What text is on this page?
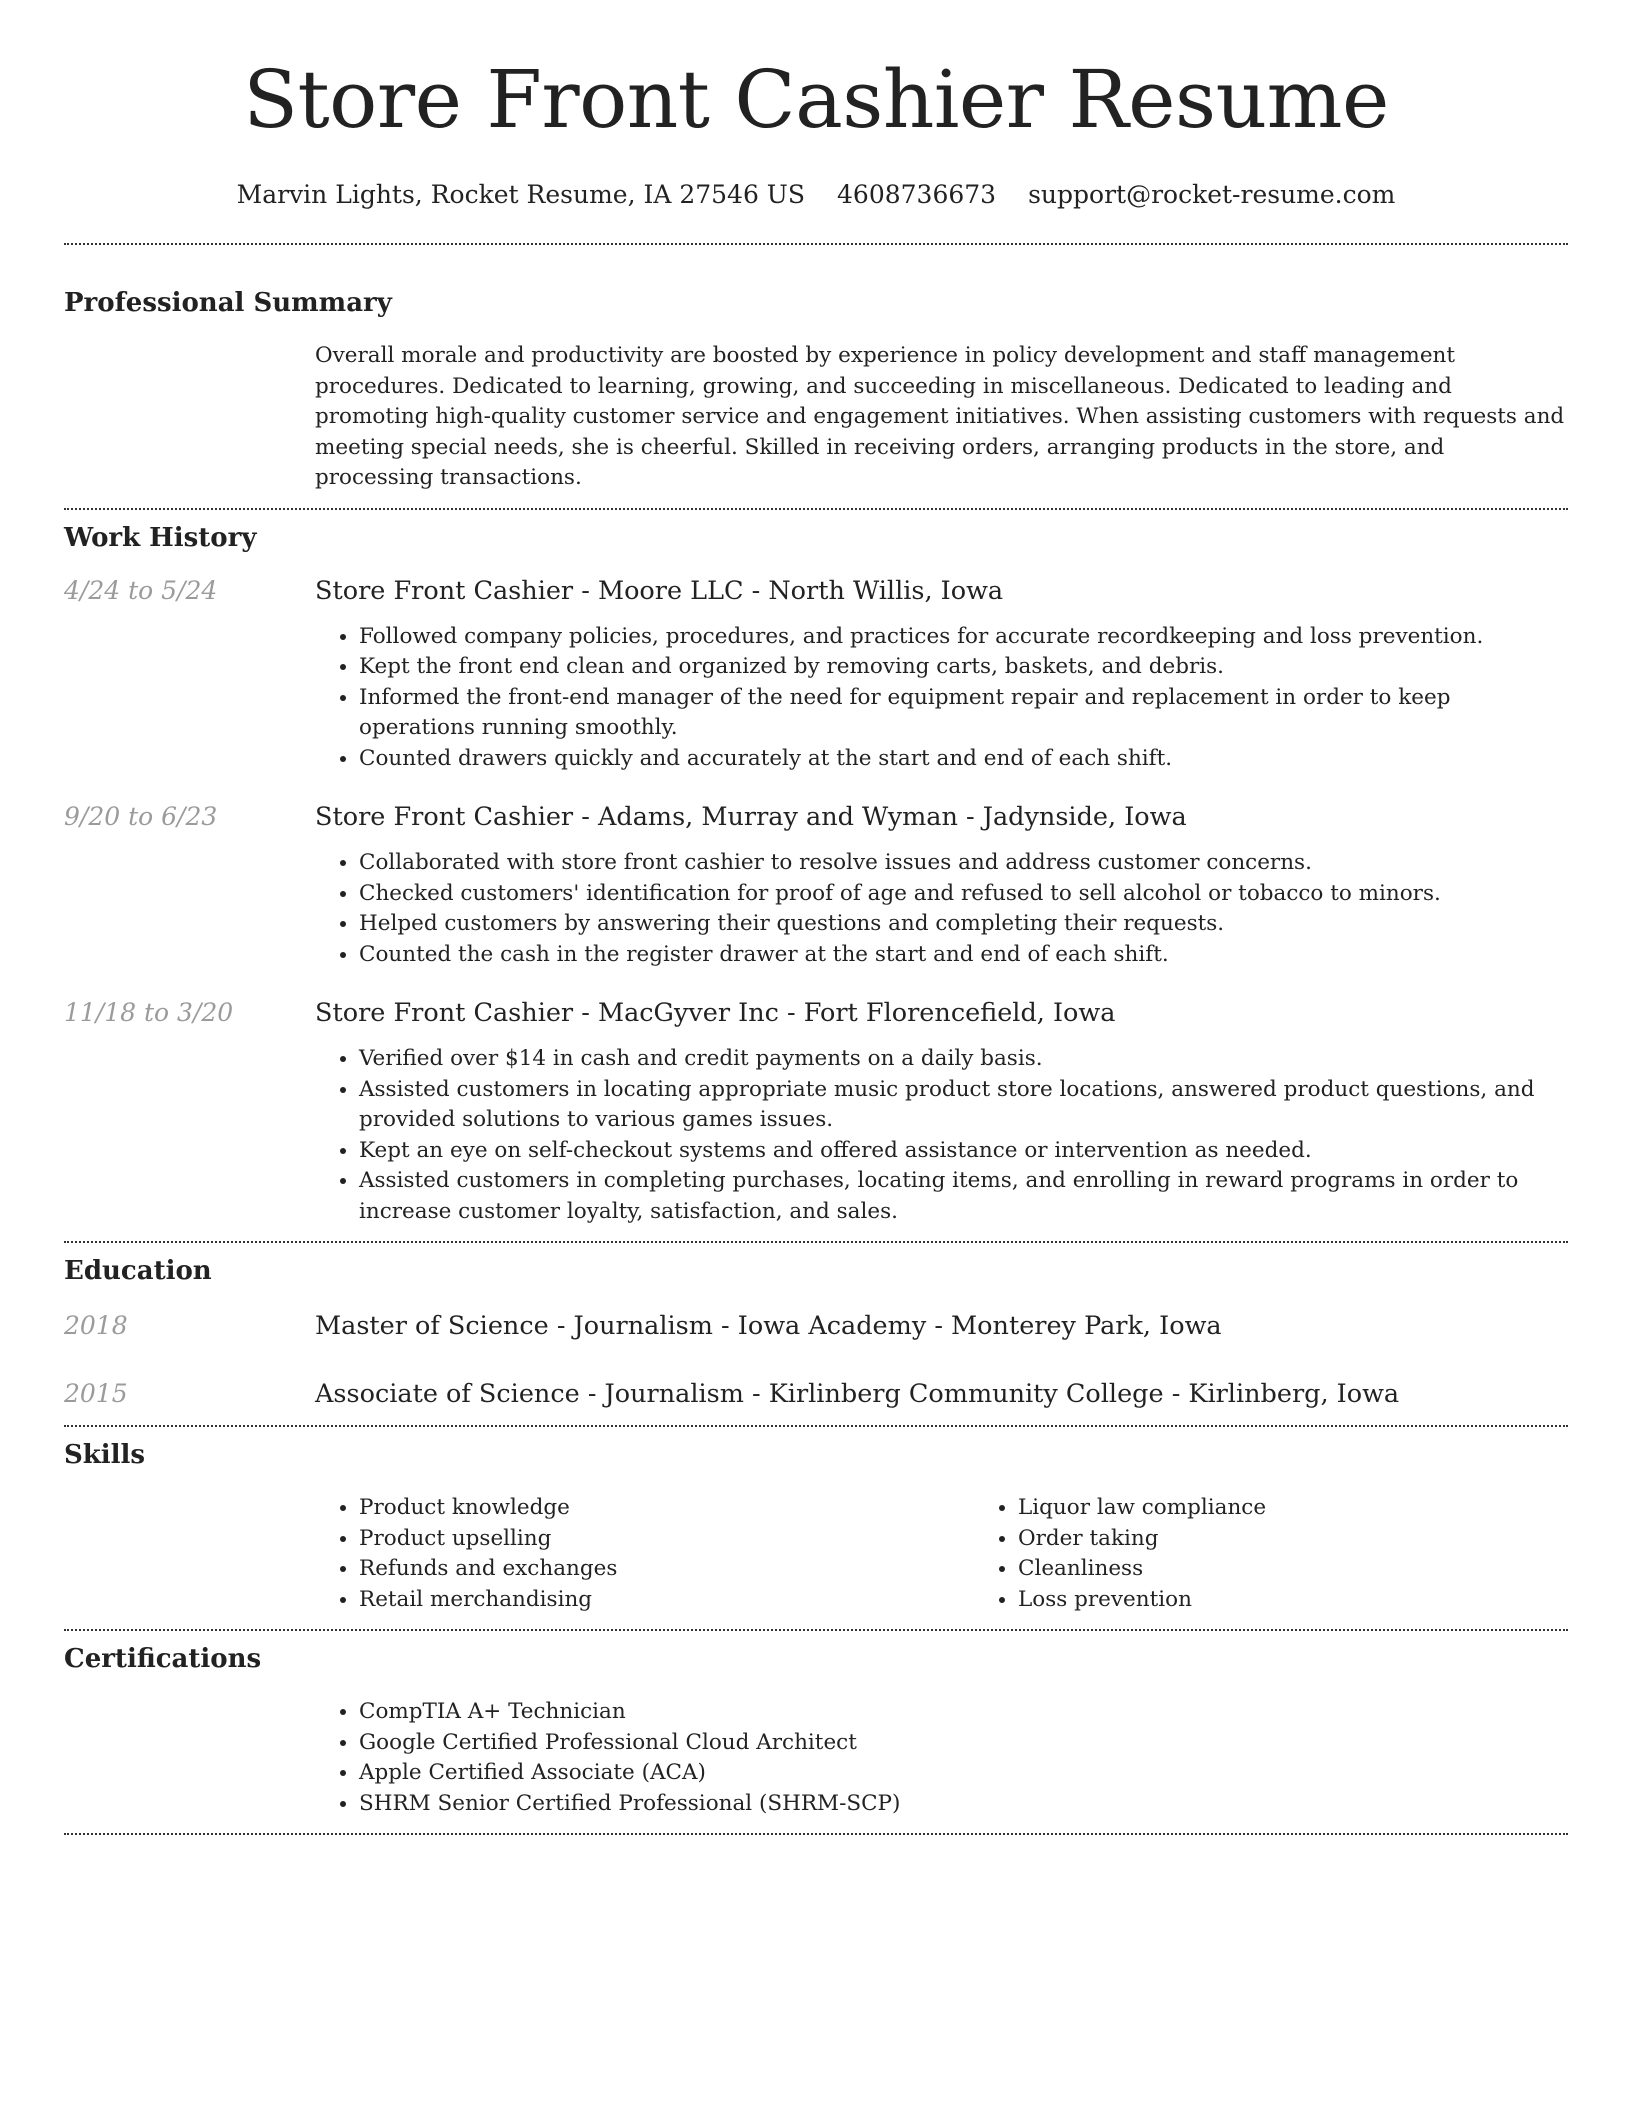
Store Front Cashier Resume
Marvin Lights, Rocket Resume, IA 27546 US 4608736673 support@rocket-resume.com
Professional Summary

Overall morale and productivity are boosted by experience in policy development and staff management procedures. Dedicated to learning, growing, and succeeding in miscellaneous. Dedicated to leading and promoting high-quality customer service and engagement initiatives. When assisting customers with requests and meeting special needs, she is cheerful. Skilled in receiving orders, arranging products in the store, and processing transactions.

Work History
4/24 to 5/24	Store Front Cashier - Moore LLC - North Willis, Iowa

• Followed company policies, procedures, and practices for accurate recordkeeping and loss prevention.
• Kept the front end clean and organized by removing carts, baskets, and debris.
• Informed the front-end manager of the need for equipment repair and replacement in order to keep operations running smoothly.
• Counted drawers quickly and accurately at the start and end of each shift.
9/20 to 6/23	Store Front Cashier - Adams, Murray and Wyman - Jadynside, Iowa

• Collaborated with store front cashier to resolve issues and address customer concerns.
• Checked customers' identification for proof of age and refused to sell alcohol or tobacco to minors.
• Helped customers by answering their questions and completing their requests.
• Counted the cash in the register drawer at the start and end of each shift.
11/18 to 3/20	Store Front Cashier - MacGyver Inc - Fort Florencefield, Iowa

• Verified over $14 in cash and credit payments on a daily basis.
• Assisted customers in locating appropriate music product store locations, answered product questions, and provided solutions to various games issues.
• Kept an eye on self-checkout systems and offered assistance or intervention as needed.
• Assisted customers in completing purchases, locating items, and enrolling in reward programs in order to increase customer loyalty, satisfaction, and sales.
Education
2018	Master of Science - Journalism - Iowa Academy - Monterey Park, Iowa

2015	Associate of Science - Journalism - Kirlinberg Community College - Kirlinberg, Iowa

Skills
• Product knowledge
• Product upselling
• Refunds and exchanges
• Retail merchandising
• Liquor law compliance
• Order taking
• Cleanliness
• Loss prevention
Certifications
• CompTIA A+ Technician
• Google Certified Professional Cloud Architect
• Apple Certified Associate (ACA)
• SHRM Senior Certified Professional (SHRM-SCP)
